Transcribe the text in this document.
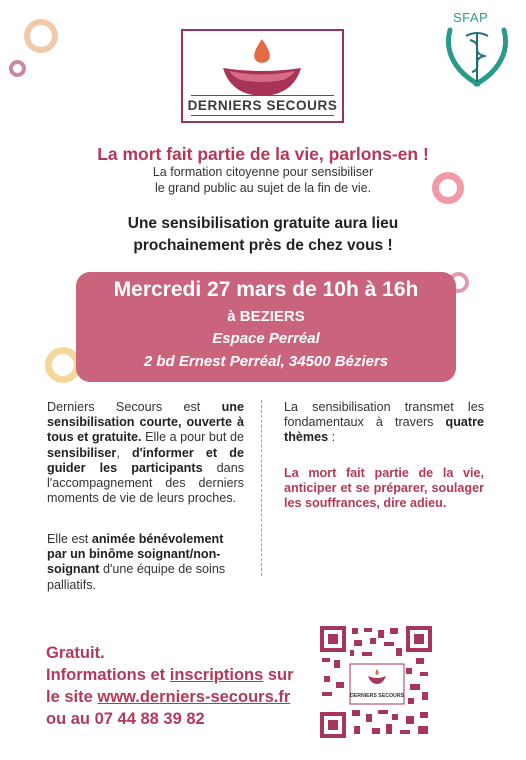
DERNIERS SECOURS
SFAP
La mort fait partie de la vie, parlons-en !
La formation citoyenne pour sensibiliser
le grand public au sujet de la fin de vie.
Une sensibilisation gratuite aura lieu
prochainement près de chez vous !
Mercredi 27 mars de 10h à 16h
à BEZIERS
Espace Perréal
2 bd Ernest Perréal, 34500 Béziers
Derniers Secours est une sensibilisation courte, ouverte à tous et gratuite. Elle a pour but de sensibiliser, d'informer et de guider les participants dans l'accompagnement des derniers moments de vie de leurs proches.
Elle est animée bénévolement par un binôme soignant/non-soignant d'une équipe de soins palliatifs.
La sensibilisation transmet les fondamentaux à travers quatre thèmes :
La mort fait partie de la vie, anticiper et se préparer, soulager les souffrances, dire adieu.
Gratuit.
Informations et inscriptions sur
le site www.derniers-secours.fr
ou au 07 44 88 39 82
DERNIERS SECOURS
